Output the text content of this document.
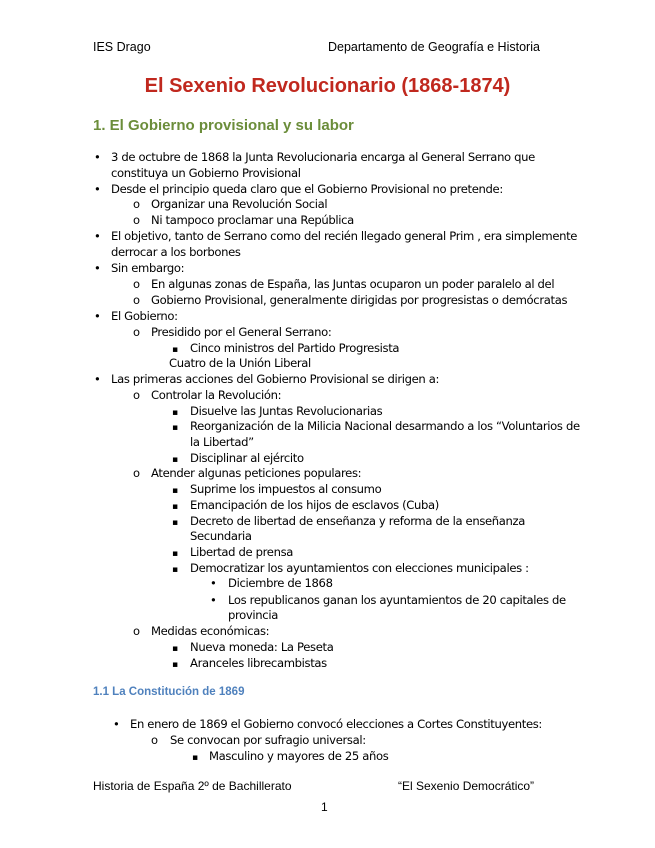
IES Drago	Departamento de Geografía e Historia
El Sexenio Revolucionario (1868-1874)
1. El Gobierno provisional y su labor
• 3 de octubre de 1868 la Junta Revolucionaria encarga al General Serrano que
constituya un Gobierno Provisional
• Desde el principio queda claro que el Gobierno Provisional no pretende:
o Organizar una Revolución Social
o Ni tampoco proclamar una República
• El objetivo, tanto de Serrano como del recién llegado general Prim , era simplemente
derrocar a los borbones
• Sin embargo:
o En algunas zonas de España, las Juntas ocuparon un poder paralelo al del
o Gobierno Provisional, generalmente dirigidas por progresistas o demócratas
• El Gobierno:
o Presidido por el General Serrano:
▪ Cinco ministros del Partido Progresista
Cuatro de la Unión Liberal
• Las primeras acciones del Gobierno Provisional se dirigen a:
o Controlar la Revolución:
▪ Disuelve las Juntas Revolucionarias
▪ Reorganización de la Milicia Nacional desarmando a los “Voluntarios de
la Libertad”
▪ Disciplinar al ejército
o Atender algunas peticiones populares:
▪ Suprime los impuestos al consumo
▪ Emancipación de los hijos de esclavos (Cuba)
▪ Decreto de libertad de enseñanza y reforma de la enseñanza
Secundaria
▪ Libertad de prensa
▪ Democratizar los ayuntamientos con elecciones municipales :
• Diciembre de 1868
• Los republicanos ganan los ayuntamientos de 20 capitales de
provincia
o Medidas económicas:
▪ Nueva moneda: La Peseta
▪ Aranceles librecambistas
• En enero de 1869 el Gobierno convocó elecciones a Cortes Constituyentes:
o Se convocan por sufragio universal:
▪ Masculino y mayores de 25 años
1.1 La Constitución de 1869
Historia de España 2º de Bachillerato	“El Sexenio Democrático”
1
